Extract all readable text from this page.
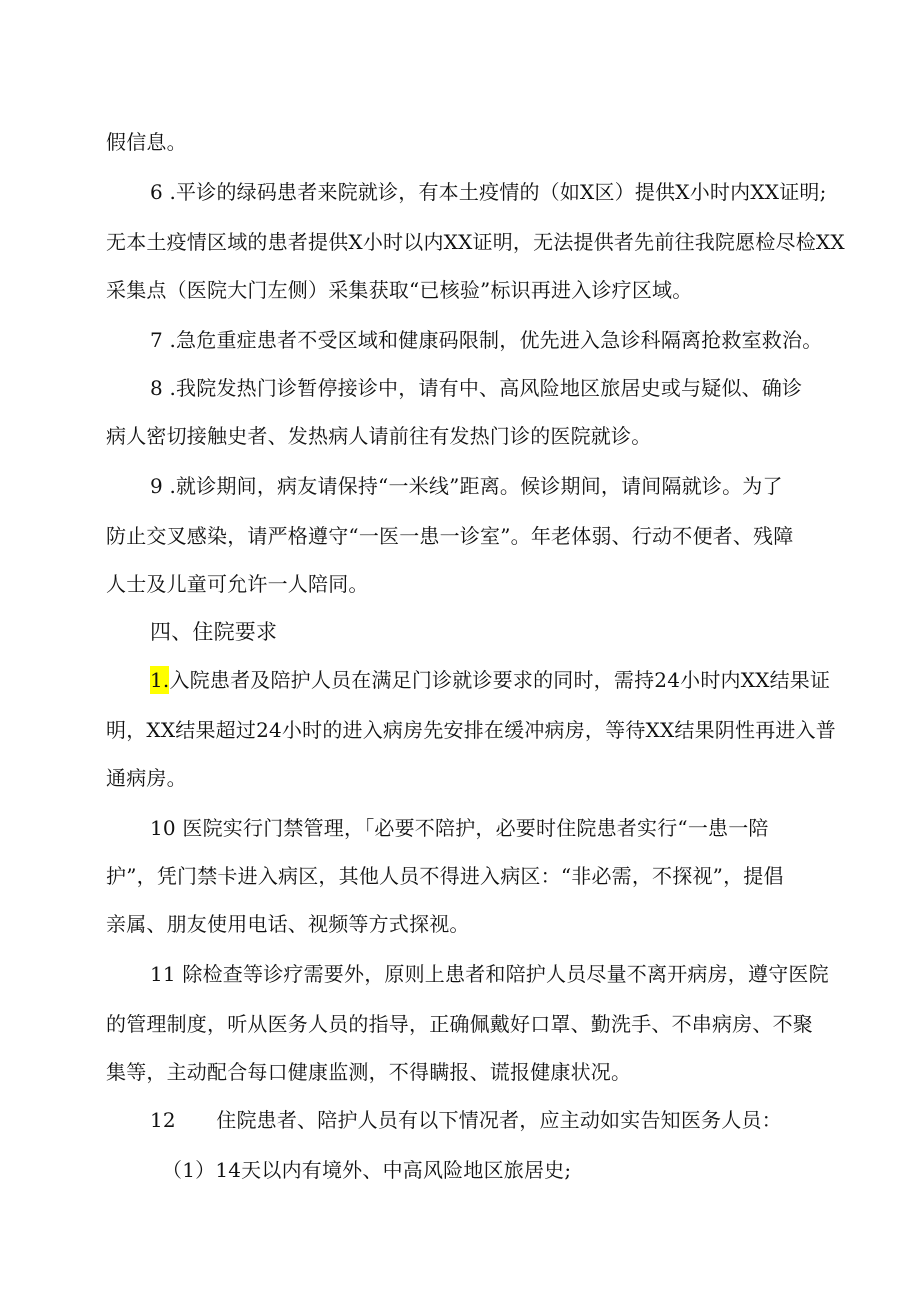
假信息。
6 .平诊的绿码患者来院就诊，有本土疫情的（如X区）提供X小时内XX证明;
无本土疫情区域的患者提供X小时以内XX证明，无法提供者先前往我院愿检尽检XX
采集点（医院大门左侧）采集获取“已核验”标识再进入诊疗区域。
7 .急危重症患者不受区域和健康码限制，优先进入急诊科隔离抢救室救治。
8 .我院发热门诊暂停接诊中，请有中、高风险地区旅居史或与疑似、确诊
病人密切接触史者、发热病人请前往有发热门诊的医院就诊。
9 .就诊期间，病友请保持“一米线”距离。候诊期间，请间隔就诊。为了
防止交叉感染，请严格遵守“一医一患一诊室”。年老体弱、行动不便者、残障
人士及儿童可允许一人陪同。
四、住院要求
1.入院患者及陪护人员在满足门诊就诊要求的同时，需持24小时内XX结果证
明，XX结果超过24小时的进入病房先安排在缓冲病房，等待XX结果阴性再进入普
通病房。
10 医院实行门禁管理，「必要不陪护，必要时住院患者实行“一患一陪
护”，凭门禁卡进入病区，其他人员不得进入病区：“非必需，不探视”，提倡
亲属、朋友使用电话、视频等方式探视。
11 除检查等诊疗需要外，原则上患者和陪护人员尽量不离开病房，遵守医院
的管理制度，听从医务人员的指导，正确佩戴好口罩、勤洗手、不串病房、不聚
集等，主动配合每口健康监测，不得瞒报、谎报健康状况。
12　　住院患者、陪护人员有以下情况者，应主动如实告知医务人员：
（1）14天以内有境外、中高风险地区旅居史;
